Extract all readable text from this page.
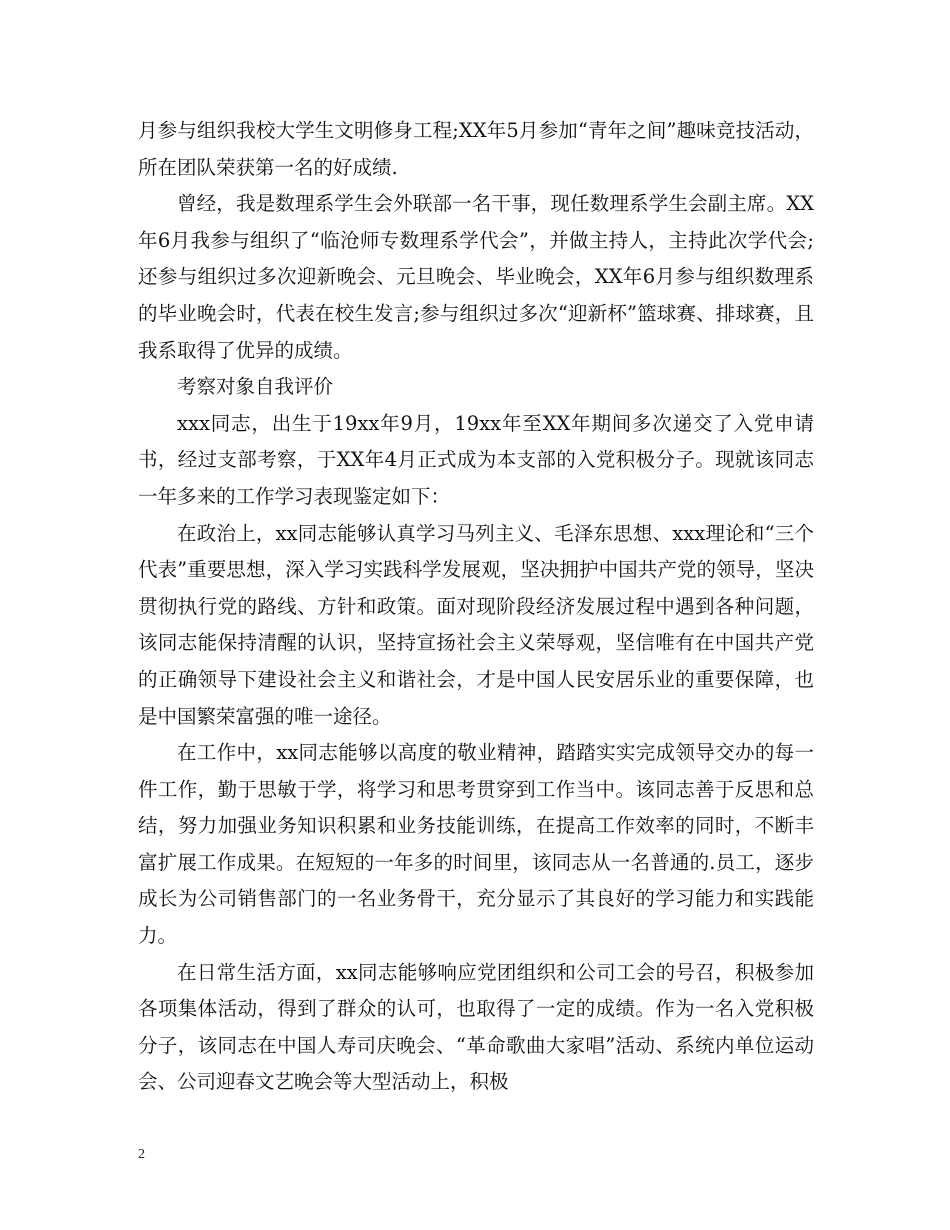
月参与组织我校大学生文明修身工程;XX年5月参加“青年之间”趣味竞技活动，所在团队荣获第一名的好成绩.

曾经，我是数理系学生会外联部一名干事，现任数理系学生会副主席。XX年6月我参与组织了“临沧师专数理系学代会”，并做主持人，主持此次学代会;还参与组织过多次迎新晚会、元旦晚会、毕业晚会，XX年6月参与组织数理系的毕业晚会时，代表在校生发言;参与组织过多次“迎新杯”篮球赛、排球赛，且我系取得了优异的成绩。

考察对象自我评价

xxx同志，出生于19xx年9月，19xx年至XX年期间多次递交了入党申请书，经过支部考察，于XX年4月正式成为本支部的入党积极分子。现就该同志一年多来的工作学习表现鉴定如下：

在政治上，xx同志能够认真学习马列主义、毛泽东思想、xxx理论和“三个代表”重要思想，深入学习实践科学发展观，坚决拥护中国共产党的领导，坚决贯彻执行党的路线、方针和政策。面对现阶段经济发展过程中遇到各种问题，该同志能保持清醒的认识，坚持宣扬社会主义荣辱观，坚信唯有在中国共产党的正确领导下建设社会主义和谐社会，才是中国人民安居乐业的重要保障，也是中国繁荣富强的唯一途径。

在工作中，xx同志能够以高度的敬业精神，踏踏实实完成领导交办的每一件工作，勤于思敏于学，将学习和思考贯穿到工作当中。该同志善于反思和总结，努力加强业务知识积累和业务技能训练，在提高工作效率的同时，不断丰富扩展工作成果。在短短的一年多的时间里，该同志从一名普通的.员工，逐步成长为公司销售部门的一名业务骨干，充分显示了其良好的学习能力和实践能力。

在日常生活方面，xx同志能够响应党团组织和公司工会的号召，积极参加各项集体活动，得到了群众的认可，也取得了一定的成绩。作为一名入党积极分子，该同志在中国人寿司庆晚会、“革命歌曲大家唱”活动、系统内单位运动会、公司迎春文艺晚会等大型活动上，积极

2
